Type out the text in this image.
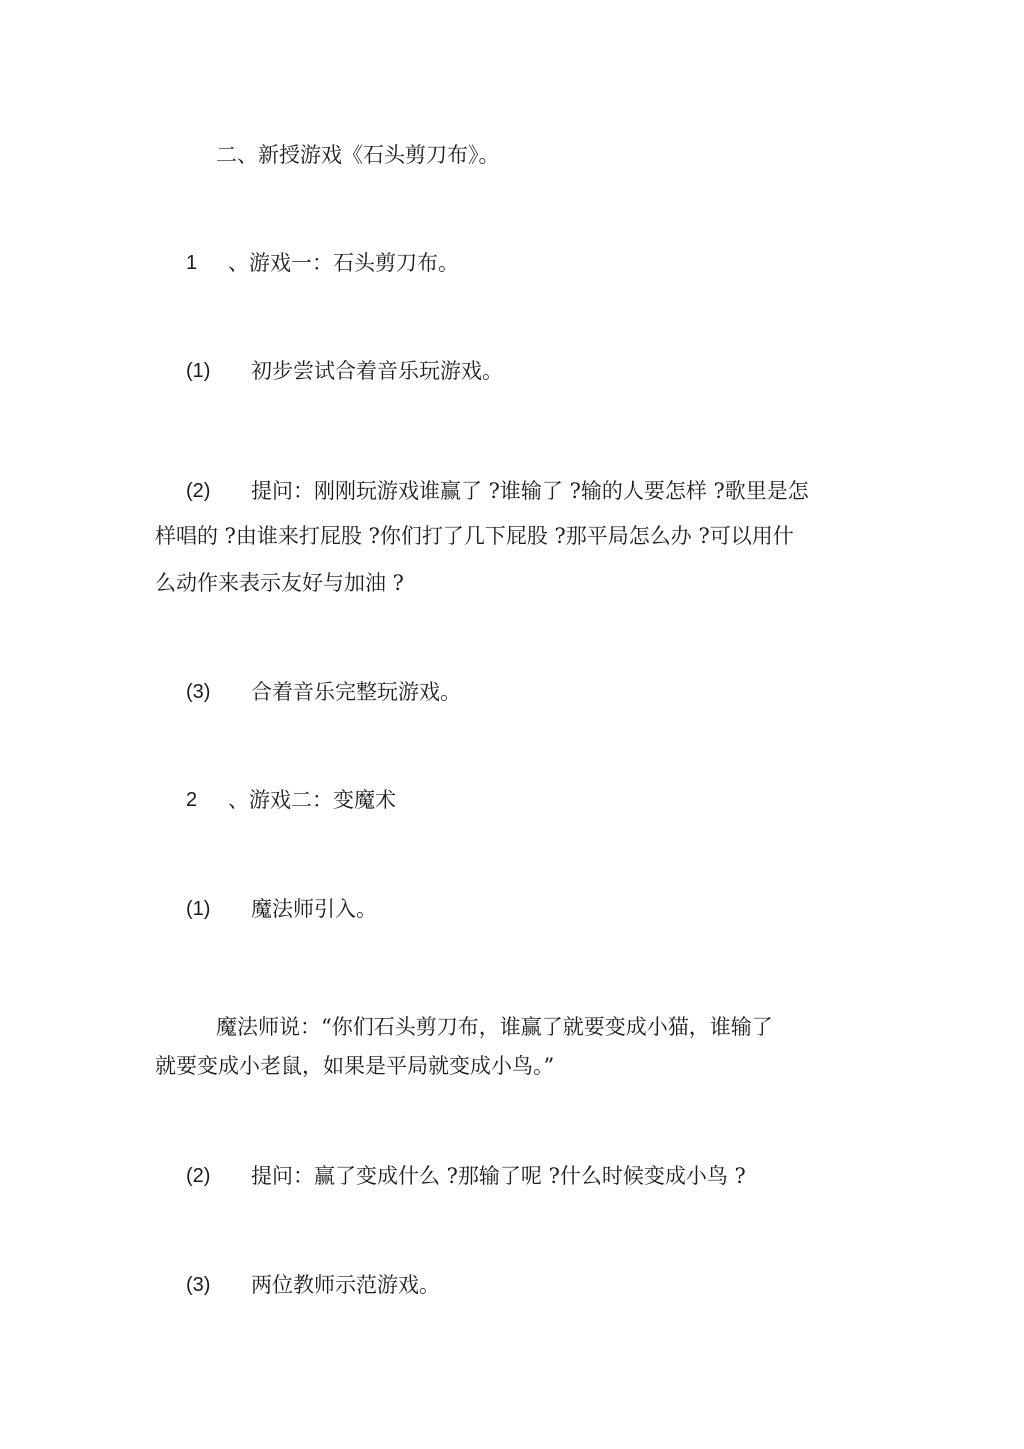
二、新授游戏《石头剪刀布》。
1 、游戏一：石头剪刀布。
(1) 初步尝试合着音乐玩游戏。
(2) 提问：刚刚玩游戏谁赢了 ?谁输了 ?输的人要怎样 ?歌里是怎
样唱的 ?由谁来打屁股 ?你们打了几下屁股 ?那平局怎么办 ?可以用什
么动作来表示友好与加油 ?
(3) 合着音乐完整玩游戏。
2 、游戏二：变魔术
(1) 魔法师引入。
魔法师说：“你们石头剪刀布，谁赢了就要变成小猫，谁输了
就要变成小老鼠，如果是平局就变成小鸟。”
(2) 提问：赢了变成什么 ?那输了呢 ?什么时候变成小鸟 ?
(3) 两位教师示范游戏。
